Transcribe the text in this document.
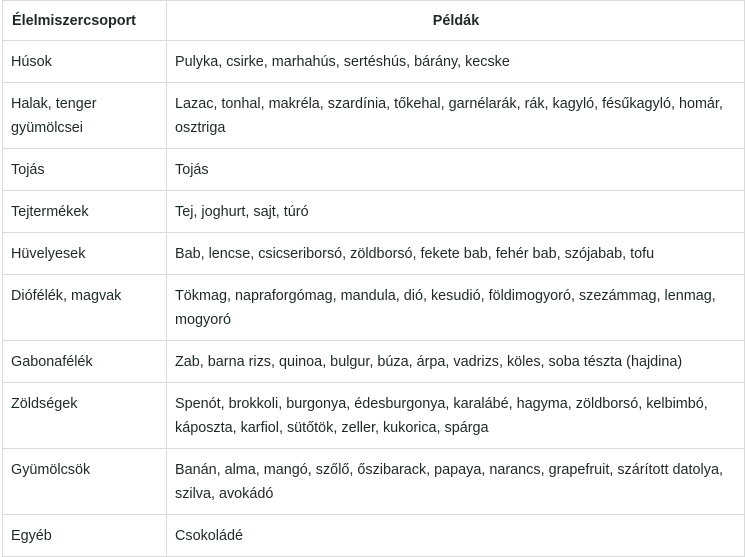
Élelmiszercsoport	Példák
Húsok	Pulyka, csirke, marhahús, sertéshús, bárány, kecske
Halak, tenger gyümölcsei	Lazac, tonhal, makréla, szardínia, tőkehal, garnélarák, rák, kagyló, fésűkagyló, homár, osztriga
Tojás	Tojás
Tejtermékek	Tej, joghurt, sajt, túró
Hüvelyesek	Bab, lencse, csicseriborsó, zöldborsó, fekete bab, fehér bab, szójabab, tofu
Diófélék, magvak	Tökmag, napraforgómag, mandula, dió, kesudió, földimogyoró, szezámmag, lenmag, mogyoró
Gabonafélék	Zab, barna rizs, quinoa, bulgur, búza, árpa, vadrizs, köles, soba tészta (hajdina)
Zöldségek	Spenót, brokkoli, burgonya, édesburgonya, karalábé, hagyma, zöldborsó, kelbimbó, káposzta, karfiol, sütőtök, zeller, kukorica, spárga
Gyümölcsök	Banán, alma, mangó, szőlő, őszibarack, papaya, narancs, grapefruit, szárított datolya, szilva, avokádó
Egyéb	Csokoládé
